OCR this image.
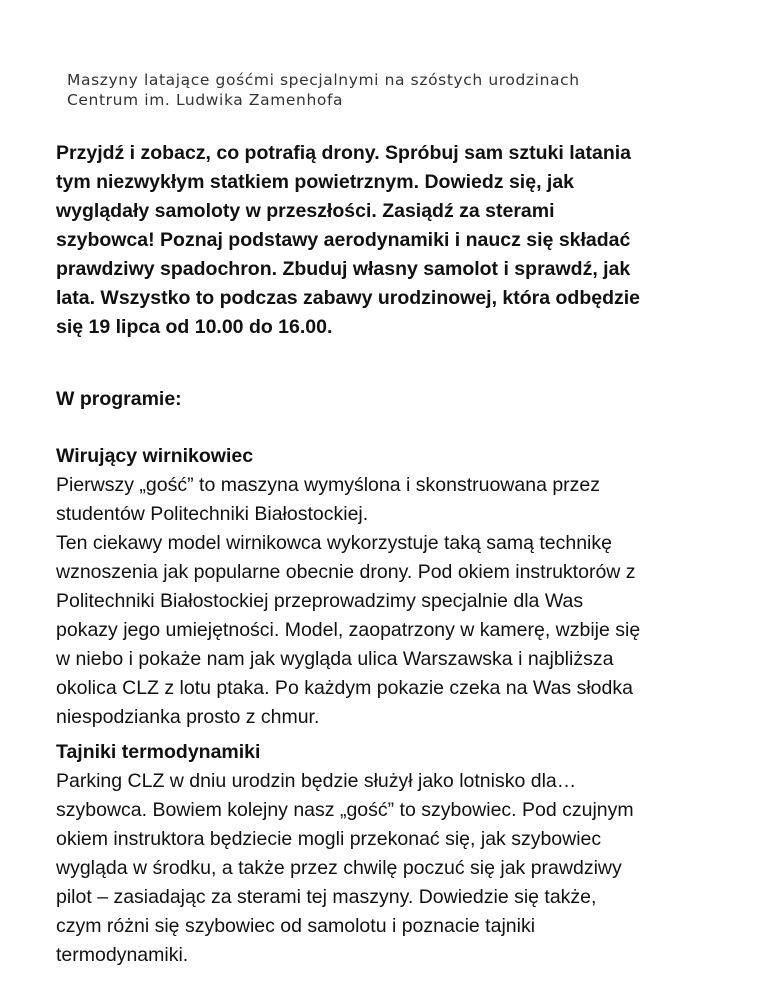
Maszyny latające gośćmi specjalnymi na szóstych urodzinach
Centrum im. Ludwika Zamenhofa
Przyjdź i zobacz, co potrafią drony. Spróbuj sam sztuki latania
tym niezwykłym statkiem powietrznym. Dowiedz się, jak
wyglądały samoloty w przeszłości. Zasiądź za sterami
szybowca! Poznaj podstawy aerodynamiki i naucz się składać
prawdziwy spadochron. Zbuduj własny samolot i sprawdź, jak
lata. Wszystko to podczas zabawy urodzinowej, która odbędzie
się 19 lipca od 10.00 do 16.00.
W programie:
Wirujący wirnikowiec
Pierwszy „gość” to maszyna wymyślona i skonstruowana przez
studentów Politechniki Białostockiej.
Ten ciekawy model wirnikowca wykorzystuje taką samą technikę
wznoszenia jak popularne obecnie drony. Pod okiem instruktorów z
Politechniki Białostockiej przeprowadzimy specjalnie dla Was
pokazy jego umiejętności. Model, zaopatrzony w kamerę, wzbije się
w niebo i pokaże nam jak wygląda ulica Warszawska i najbliższa
okolica CLZ z lotu ptaka. Po każdym pokazie czeka na Was słodka
niespodzianka prosto z chmur.
Tajniki termodynamiki
Parking CLZ w dniu urodzin będzie służył jako lotnisko dla…
szybowca. Bowiem kolejny nasz „gość” to szybowiec. Pod czujnym
okiem instruktora będziecie mogli przekonać się, jak szybowiec
wygląda w środku, a także przez chwilę poczuć się jak prawdziwy
pilot – zasiadając za sterami tej maszyny. Dowiedzie się także,
czym różni się szybowiec od samolotu i poznacie tajniki
termodynamiki.
